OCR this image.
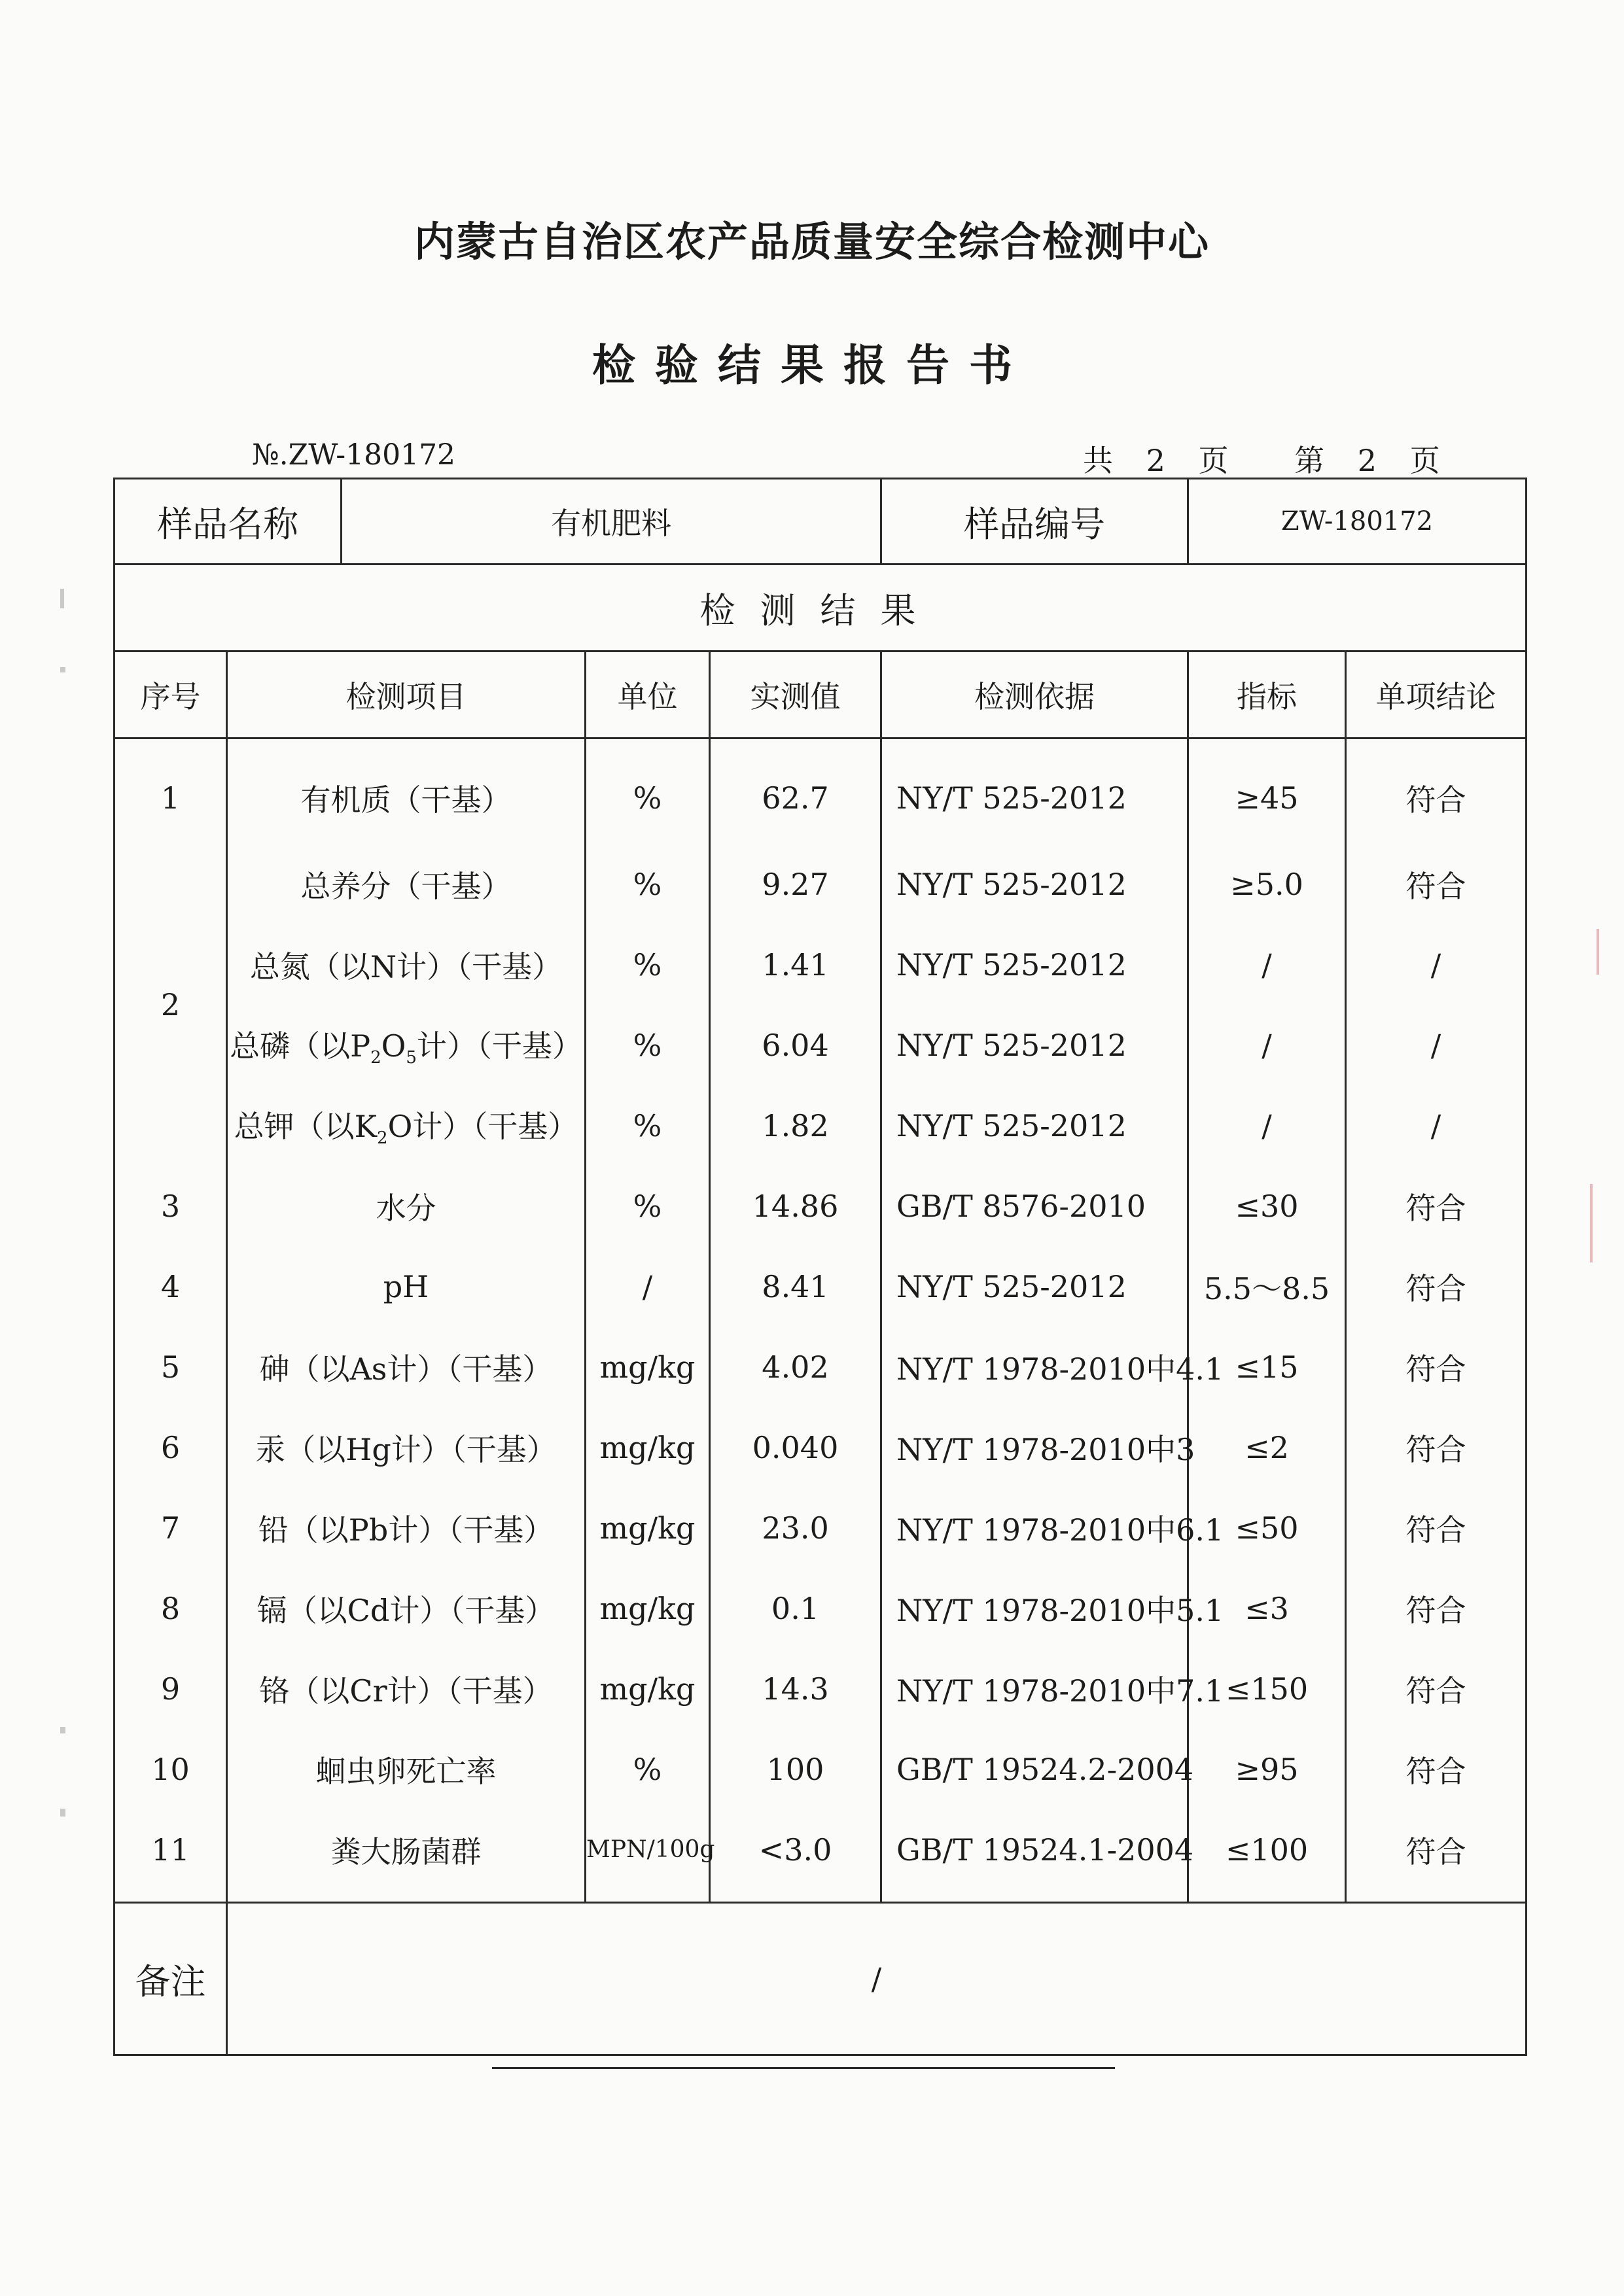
内蒙古自治区农产品质量安全综合检测中心
检验结果报告书
№.ZW-180172	共 2 页 第 2 页
样品名称		有机肥料			样品编号	ZW-180172	
检测结果							
序号	检测项目		单位	实测值	检测依据	指标	单项结论
1	有机质（干基）		%	62.7	NY/T 525-2012	≥45	符合
2	总养分（干基）		%	9.27	NY/T 525-2012	≥5.0	符合
	总氮（以N计）（干基）		%	1.41	NY/T 525-2012	/	/
	总磷（以$P_2O_5$计）（干基）		%	6.04	NY/T 525-2012	/	/
	总钾（以$K_2O$计）（干基）		%	1.82	NY/T 525-2012	/	/
3	水分		%	14.86	GB/T 8576-2010	≤30	符合
4	pH		/	8.41	NY/T 525-2012	5.5～8.5	符合
5	砷（以As计）（干基）		mg/kg	4.02	NY/T 1978-2010中4.1	≤15	符合
6	汞（以Hg计）（干基）		mg/kg	0.040	NY/T 1978-2010中3	≤2	符合
7	铅（以Pb计）（干基）		mg/kg	23.0	NY/T 1978-2010中6.1	≤50	符合
8	镉（以Cd计）（干基）		mg/kg	0.1	NY/T 1978-2010中5.1	≤3	符合
9	铬（以Cr计）（干基）		mg/kg	14.3	NY/T 1978-2010中7.1	≤150	符合
10	蛔虫卵死亡率		%	100	GB/T 19524.2-2004	≥95	符合
11	粪大肠菌群		MPN/100g	<3.0	GB/T 19524.1-2004	≤100	符合
备注	/						
